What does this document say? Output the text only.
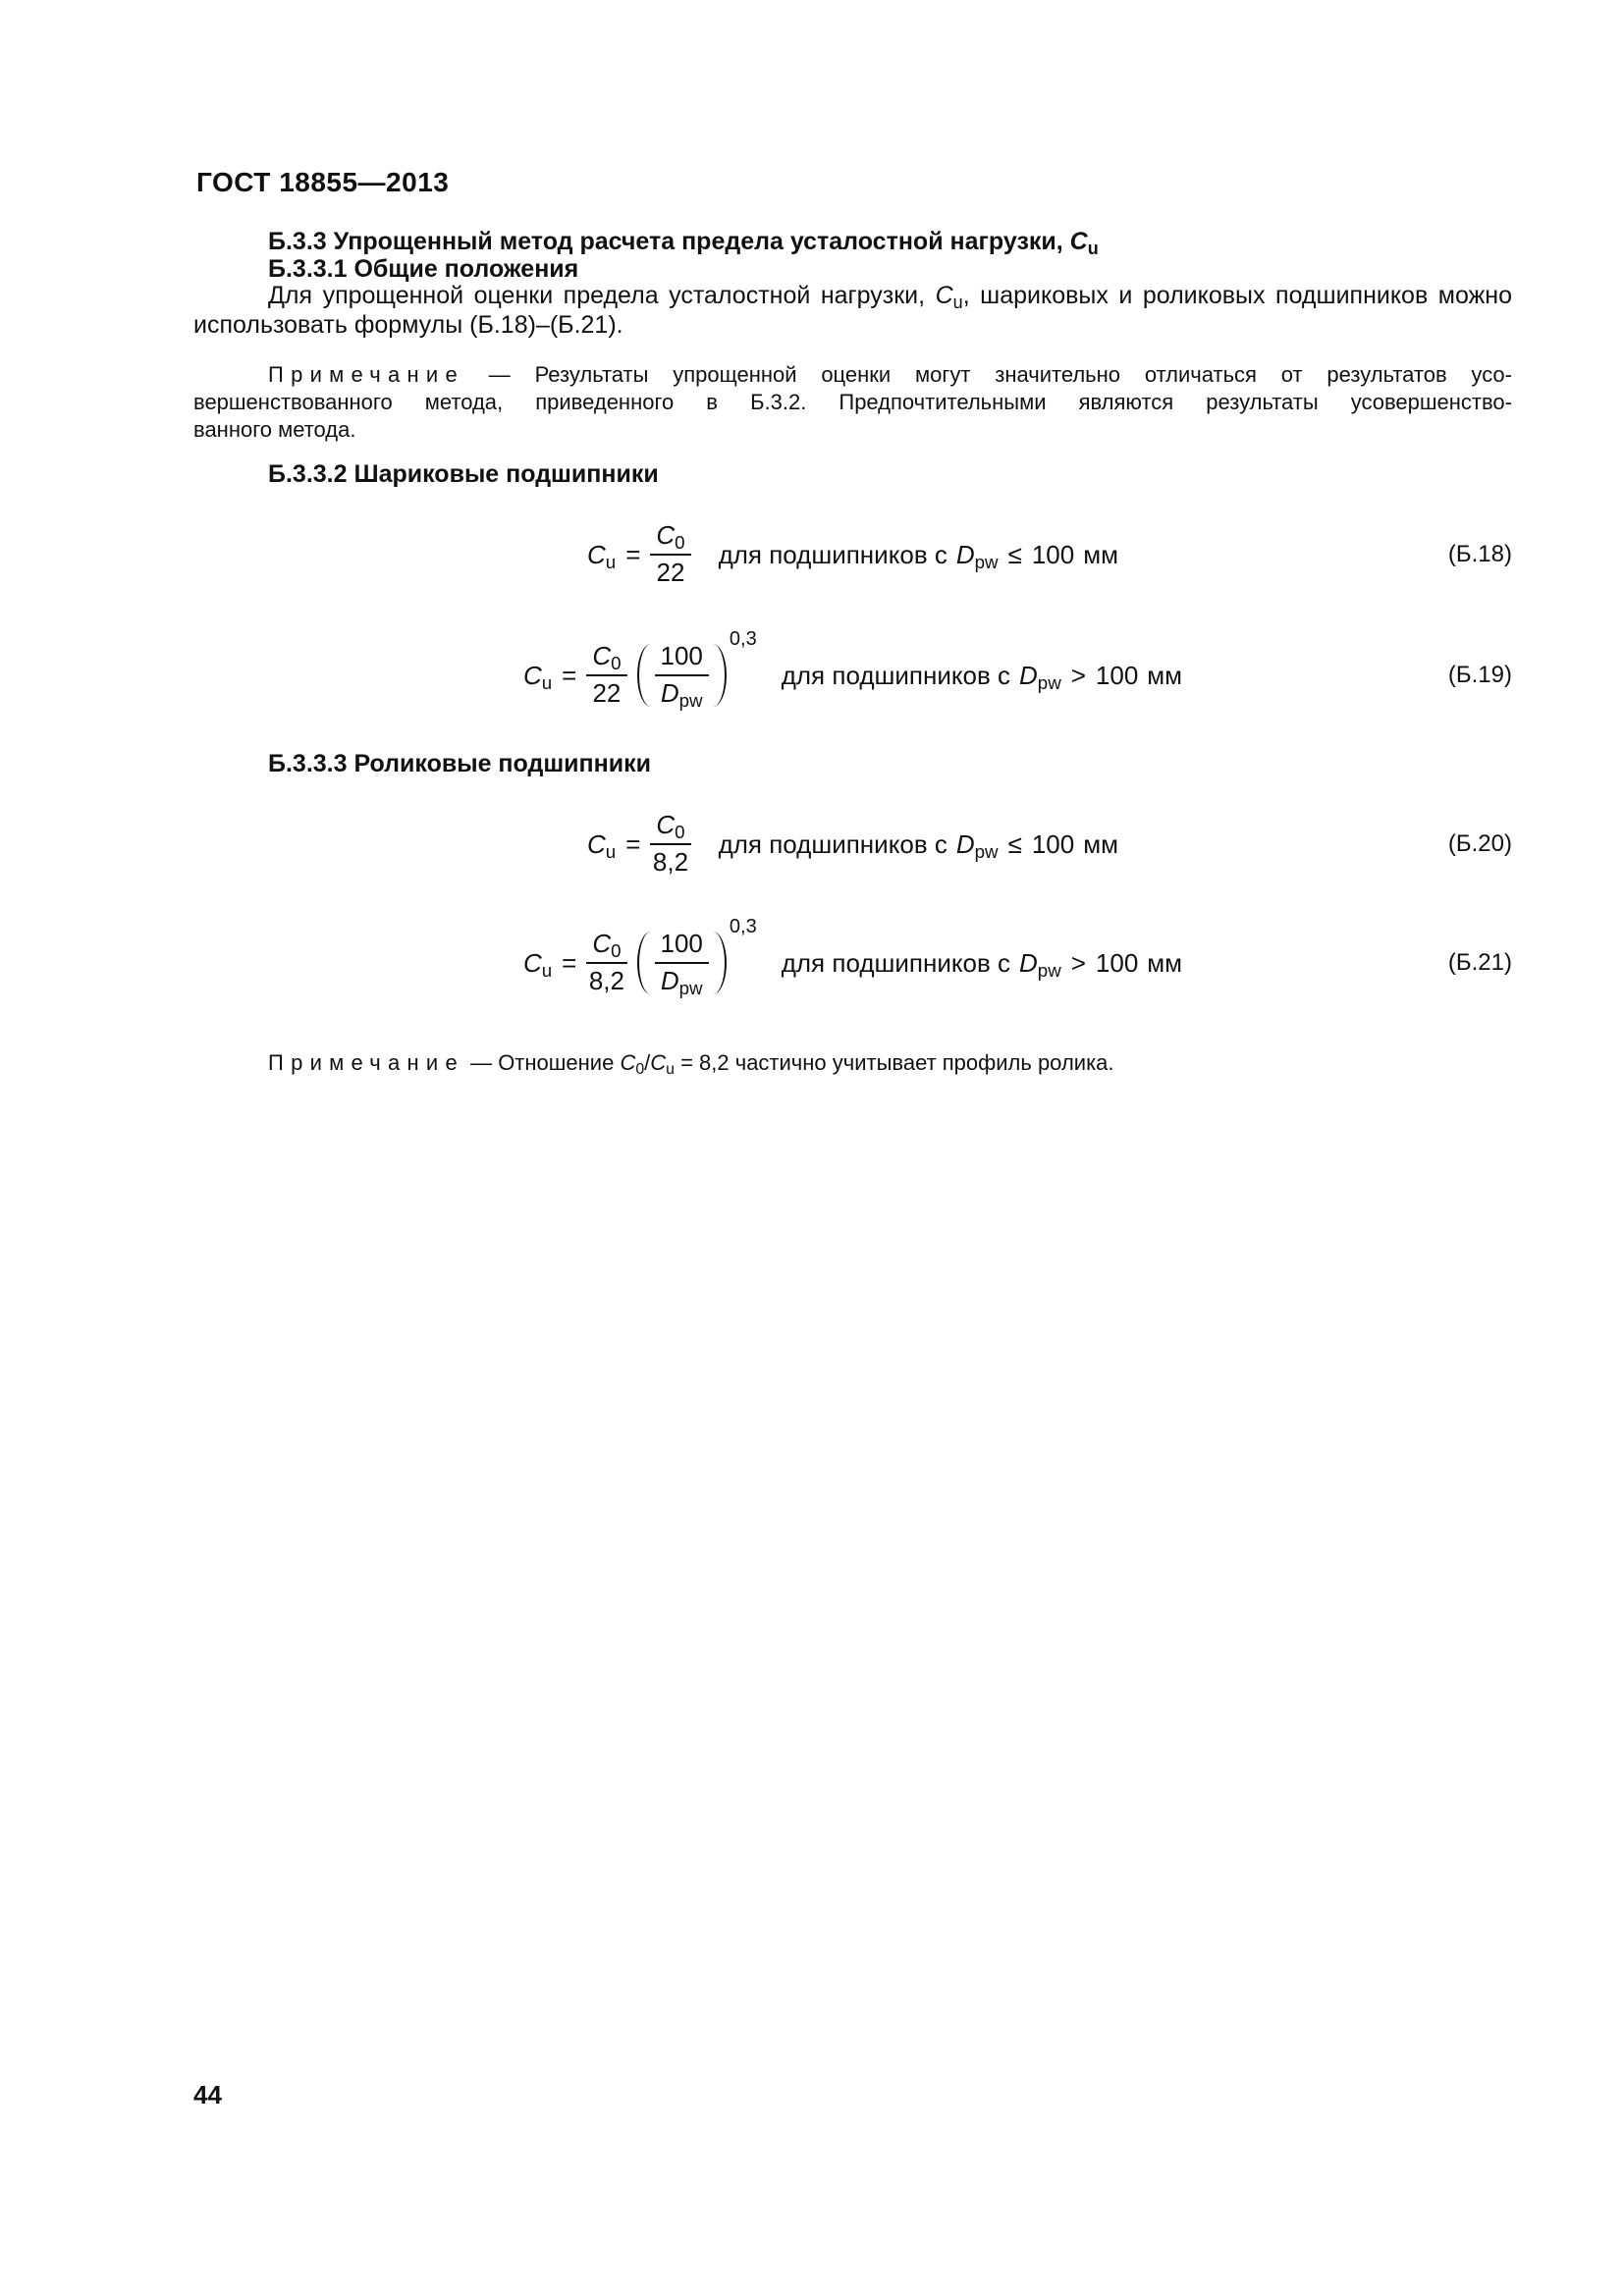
ГОСТ 18855—2013
Б.3.3 Упрощенный метод расчета предела усталостной нагрузки, $C_u$
Б.3.3.1 Общие положения
Для упрощенной оценки предела усталостной нагрузки, $C_u$, шариковых и роликовых подшипников можно
использовать формулы (Б.18)–(Б.21).
Примечание — Результаты упрощенной оценки могут значительно отличаться от результатов усо-
вершенствованного метода, приведенного в Б.3.2. Предпочтительными являются результаты усовершенство-
ванного метода.
Б.3.3.2 Шариковые подшипники
$C_u = \frac{C_0}{22}$ для подшипников с $D_{pw} \le 100$ мм	(Б.18)
$C_u = \frac{C_0}{22} \frac{100}{D_{pw}}$
0,3
для подшипников с $D_{pw} > 100$ мм	(Б.19)
Б.3.3.3 Роликовые подшипники
$C_u = \frac{C_0}{8,2}$ для подшипников с $D_{pw} \le 100$ мм	(Б.20)
$C_u = \frac{C_0}{8,2} \frac{100}{D_{pw}}$
0,3
для подшипников с $D_{pw} > 100$ мм	(Б.21)
Примечание — Отношение $C_0/C_u = 8,2$ частично учитывает профиль ролика.
44
